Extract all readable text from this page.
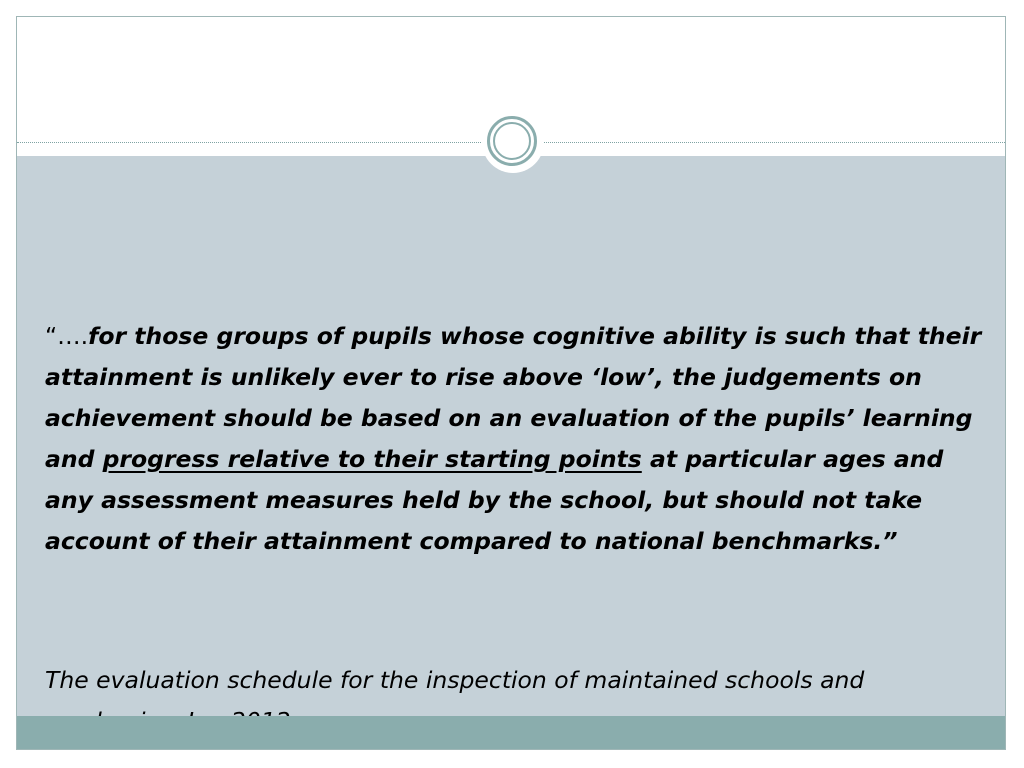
“….for those groups of pupils whose cognitive ability is such that their attainment is unlikely ever to rise above ‘low’, the judgements on achievement should be based on an evaluation of the pupils’ learning and progress relative to their starting points at particular ages and any assessment measures held by the school, but should not take account of their attainment compared to national benchmarks.”

The evaluation schedule for the inspection of maintained schools and
